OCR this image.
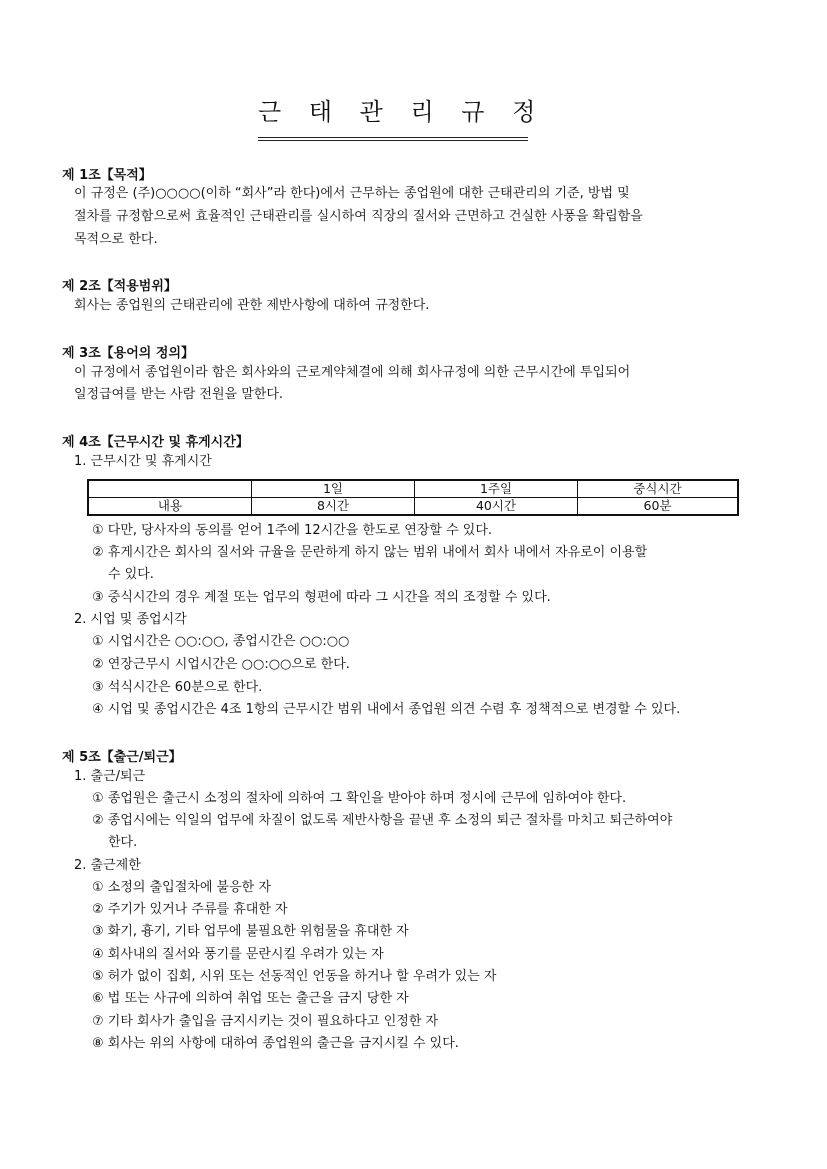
근 태 관 리 규 정
제 1조【목적】
이 규정은 (주)○○○○(이하 “회사”라 한다)에서 근무하는 종업원에 대한 근태관리의 기준, 방법 및
절차를 규정함으로써 효율적인 근태관리를 실시하여 직장의 질서와 근면하고 건실한 사풍을 확립함을
목적으로 한다.
제 2조【적용범위】
회사는 종업원의 근태관리에 관한 제반사항에 대하여 규정한다.
제 3조【용어의 정의】
이 규정에서 종업원이라 함은 회사와의 근로계약체결에 의해 회사규정에 의한 근무시간에 투입되어
일정급여를 받는 사람 전원을 말한다.
제 4조【근무시간 및 휴게시간】
1. 근무시간 및 휴게시간
	1일	1주일	중식시간
내용	8시간	40시간	60분
① 다만, 당사자의 동의를 얻어 1주에 12시간을 한도로 연장할 수 있다.
② 휴게시간은 회사의 질서와 규율을 문란하게 하지 않는 범위 내에서 회사 내에서 자유로이 이용할
수 있다.
③ 중식시간의 경우 계절 또는 업무의 형편에 따라 그 시간을 적의 조정할 수 있다.
2. 시업 및 종업시각
① 시업시간은 ○○:○○, 종업시간은 ○○:○○
② 연장근무시 시업시간은 ○○:○○으로 한다.
③ 석식시간은 60분으로 한다.
④ 시업 및 종업시간은 4조 1항의 근무시간 범위 내에서 종업원 의견 수렴 후 정책적으로 변경할 수 있다.
제 5조【출근/퇴근】
1. 출근/퇴근
① 종업원은 출근시 소정의 절차에 의하여 그 확인을 받아야 하며 정시에 근무에 임하여야 한다.
② 종업시에는 익일의 업무에 차질이 없도록 제반사항을 끝낸 후 소정의 퇴근 절차를 마치고 퇴근하여야
한다.
2. 출근제한
① 소정의 출입절차에 불응한 자
② 주기가 있거나 주류를 휴대한 자
③ 화기, 흉기, 기타 업무에 불필요한 위험물을 휴대한 자
④ 회사내의 질서와 풍기를 문란시킬 우려가 있는 자
⑤ 허가 없이 집회, 시위 또는 선동적인 언동을 하거나 할 우려가 있는 자
⑥ 법 또는 사규에 의하여 취업 또는 출근을 금지 당한 자
⑦ 기타 회사가 출입을 금지시키는 것이 필요하다고 인정한 자
⑧ 회사는 위의 사항에 대하여 종업원의 출근을 금지시킬 수 있다.
